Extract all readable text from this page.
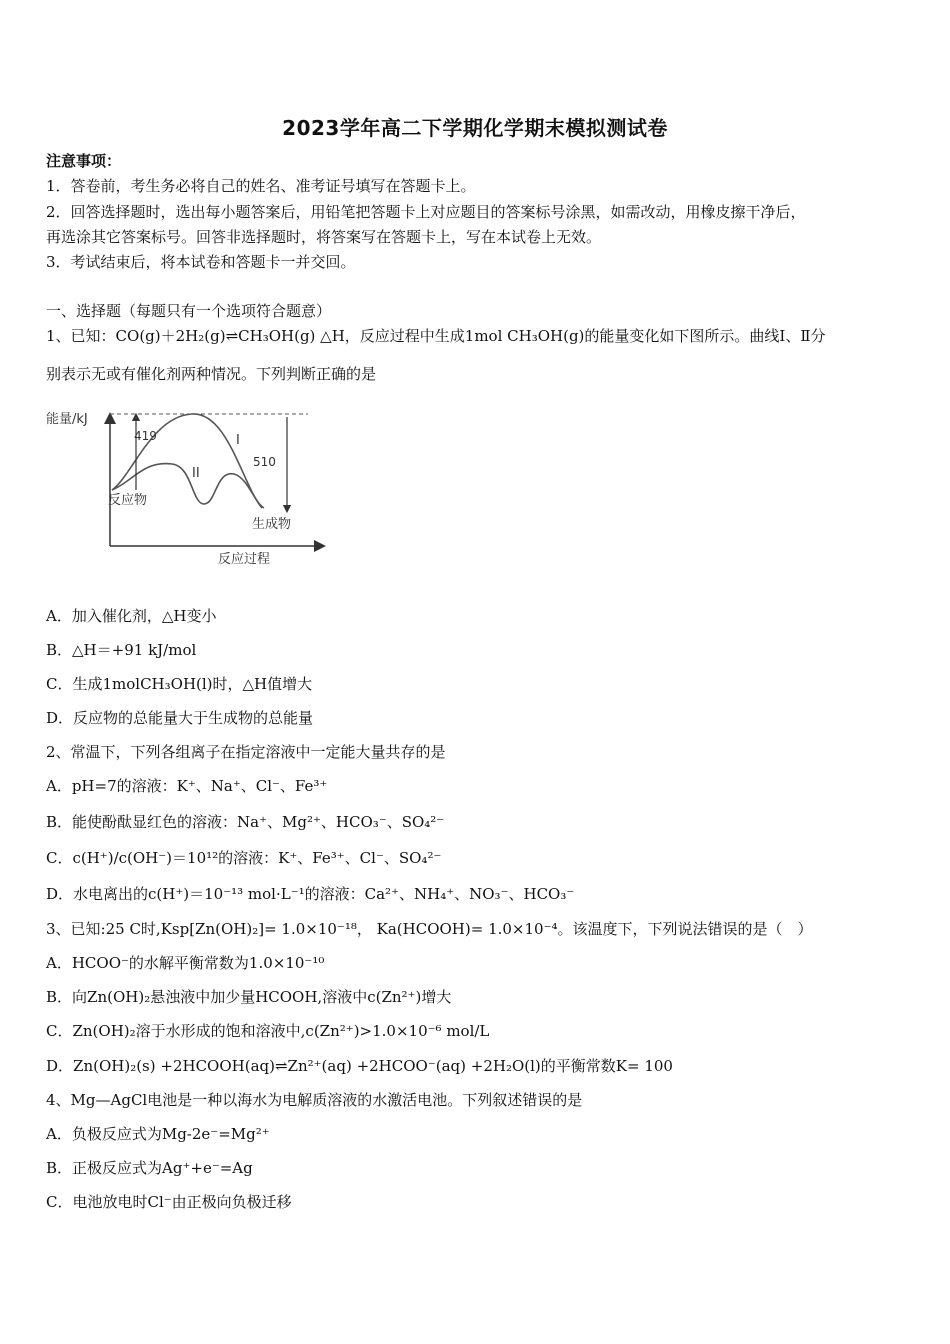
2023学年高二下学期化学期末模拟测试卷
注意事项：
1．答卷前，考生务必将自己的姓名、准考证号填写在答题卡上。
2．回答选择题时，选出每小题答案后，用铅笔把答题卡上对应题目的答案标号涂黑，如需改动，用橡皮擦干净后，
再选涂其它答案标号。回答非选择题时，将答案写在答题卡上，写在本试卷上无效。
3．考试结束后，将本试卷和答题卡一并交回。
一、选择题（每题只有一个选项符合题意）
1、已知：CO(g)＋2H₂(g)⇌CH₃OH(g) △H，反应过程中生成1mol CH₃OH(g)的能量变化如下图所示。曲线Ⅰ、Ⅱ分
别表示无或有催化剂两种情况。下列判断正确的是
能量/kJ
419
510
I
II
反应物
生成物
反应过程
A．加入催化剂，△H变小
B．△H＝+91 kJ/mol
C．生成1molCH₃OH(l)时，△H值增大
D．反应物的总能量大于生成物的总能量
2、常温下，下列各组离子在指定溶液中一定能大量共存的是
A．pH=7的溶液：K⁺、Na⁺、Cl⁻、Fe³⁺
B．能使酚酞显红色的溶液：Na⁺、Mg²⁺、HCO₃⁻、SO₄²⁻
C．c(H⁺)/c(OH⁻)＝10¹²的溶液：K⁺、Fe³⁺、Cl⁻、SO₄²⁻
D．水电离出的c(H⁺)＝10⁻¹³ mol·L⁻¹的溶液：Ca²⁺、NH₄⁺、NO₃⁻、HCO₃⁻
3、已知:25 C时,Ksp[Zn(OH)₂]= 1.0×10⁻¹⁸， Ka(HCOOH)= 1.0×10⁻⁴。该温度下，下列说法错误的是（　）
A．HCOO⁻的水解平衡常数为1.0×10⁻¹⁰
B．向Zn(OH)₂悬浊液中加少量HCOOH,溶液中c(Zn²⁺)增大
C．Zn(OH)₂溶于水形成的饱和溶液中,c(Zn²⁺)>1.0×10⁻⁶ mol/L
D．Zn(OH)₂(s) +2HCOOH(aq)⇌Zn²⁺(aq) +2HCOO⁻(aq) +2H₂O(l)的平衡常数K= 100
4、Mg—AgCl电池是一种以海水为电解质溶液的水激活电池。下列叙述错误的是
A．负极反应式为Mg-2e⁻=Mg²⁺
B．正极反应式为Ag⁺+e⁻=Ag
C．电池放电时Cl⁻由正极向负极迁移
